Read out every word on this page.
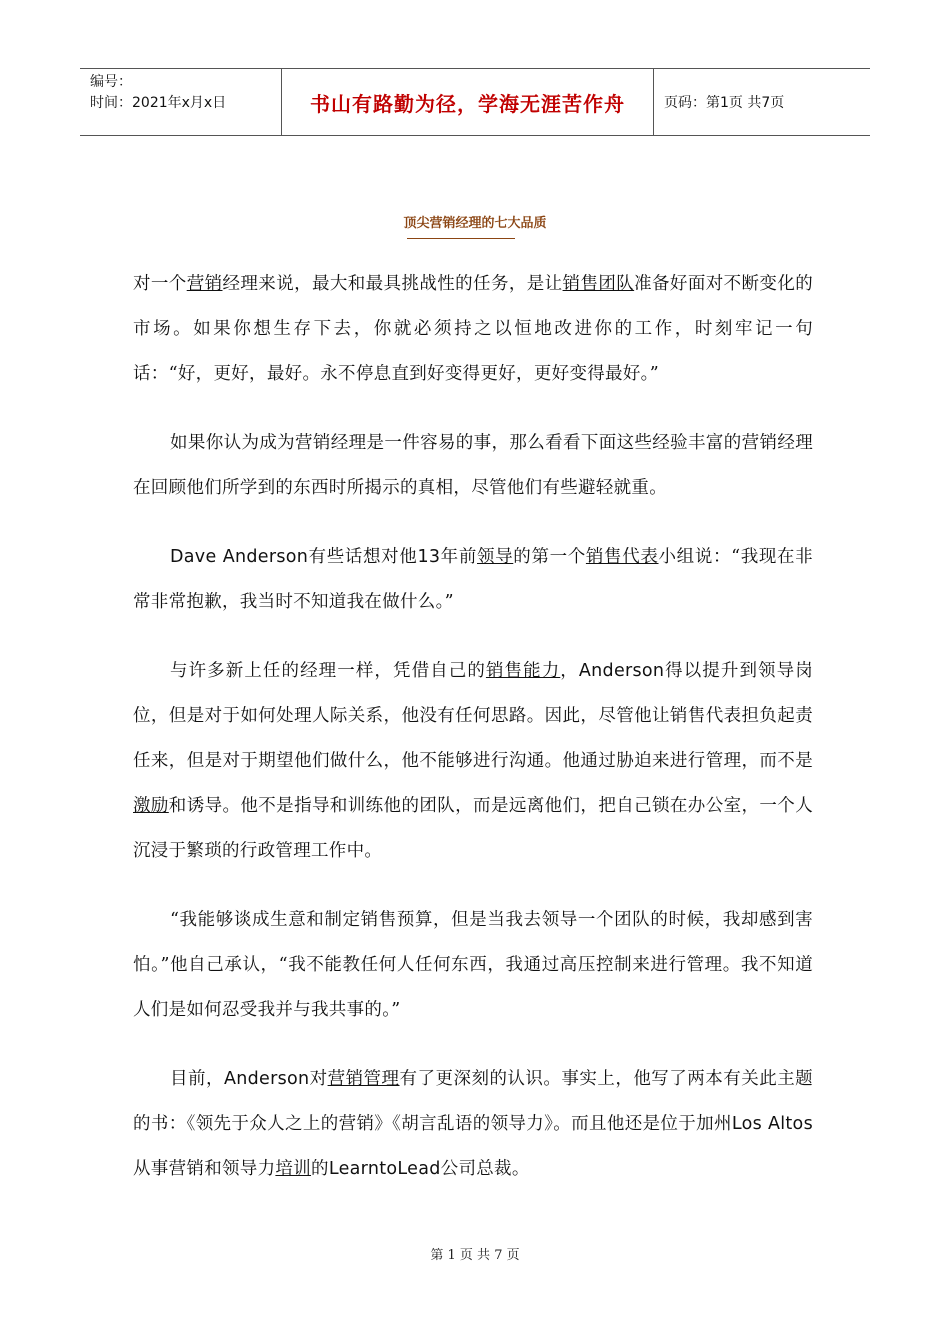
编号：
时间：2021年x月x日	书山有路勤为径，学海无涯苦作舟	页码：第1页 共7页
顶尖营销经理的七大品质

对一个营销经理来说，最大和最具挑战性的任务，是让销售团队准备好面对不断变化的市场。如果你想生存下去，你就必须持之以恒地改进你的工作，时刻牢记一句话：“好，更好，最好。永不停息直到好变得更好，更好变得最好。”

如果你认为成为营销经理是一件容易的事，那么看看下面这些经验丰富的营销经理在回顾他们所学到的东西时所揭示的真相，尽管他们有些避轻就重。

Dave Anderson有些话想对他13年前领导的第一个销售代表小组说：“我现在非常非常抱歉，我当时不知道我在做什么。”

与许多新上任的经理一样，凭借自己的销售能力，Anderson得以提升到领导岗位，但是对于如何处理人际关系，他没有任何思路。因此，尽管他让销售代表担负起责任来，但是对于期望他们做什么，他不能够进行沟通。他通过胁迫来进行管理，而不是激励和诱导。他不是指导和训练他的团队，而是远离他们，把自己锁在办公室，一个人沉浸于繁琐的行政管理工作中。

“我能够谈成生意和制定销售预算，但是当我去领导一个团队的时候，我却感到害怕。”他自己承认，“我不能教任何人任何东西，我通过高压控制来进行管理。我不知道人们是如何忍受我并与我共事的。”

目前，Anderson对营销管理有了更深刻的认识。事实上，他写了两本有关此主题的书：《领先于众人之上的营销》《胡言乱语的领导力》。而且他还是位于加州Los Altos从事营销和领导力培训的LearntoLead公司总裁。

第 1 页 共 7 页
